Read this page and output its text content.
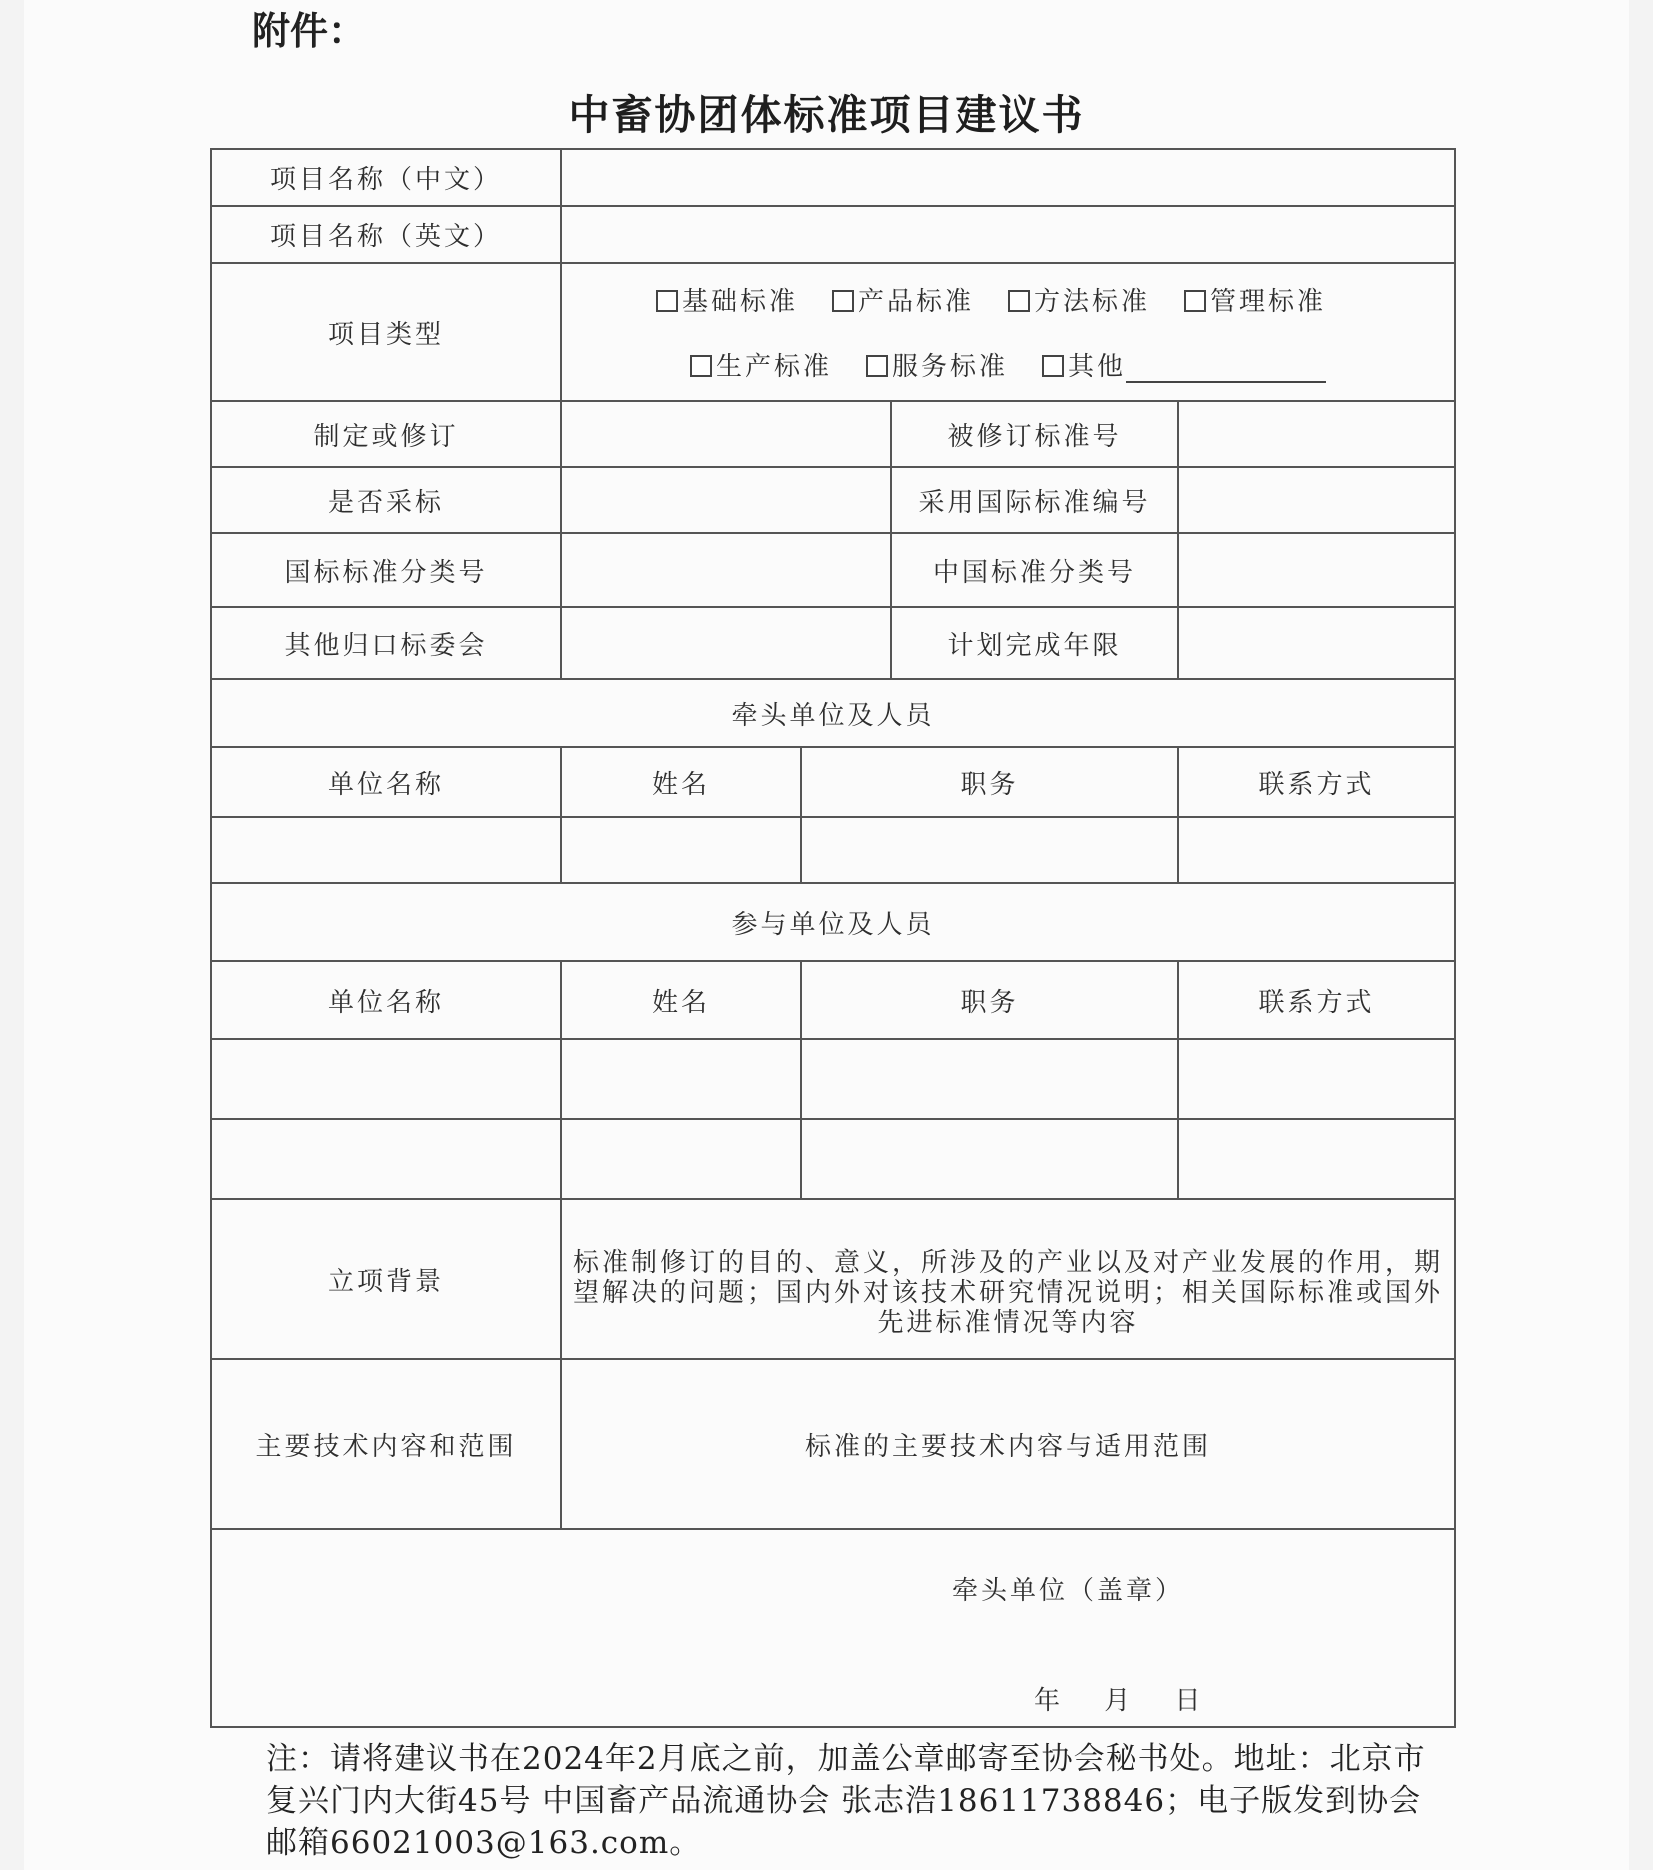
附件：
中畜协团体标准项目建议书
项目名称（中文）				
项目名称（英文）				
项目类型	基础标准 产品标准 方法标准 管理标准
生产标准 服务标准 其他			

制定或修订			被修订标准号	
是否采标			采用国际标准编号	
国标标准分类号			中国标准分类号	
其他归口标委会			计划完成年限	
牵头单位及人员				
单位名称	姓名	职务		联系方式

参与单位及人员				
单位名称	姓名	职务		联系方式

立项背景	标准制修订的目的、意义，所涉及的产业以及对产业发展的作用，期望解决的问题；国内外对该技术研究情况说明；相关国际标准或国外先进标准情况等内容			
主要技术内容和范围	标准的主要技术内容与适用范围			

牵头单位（盖章）
年 月 日				
注：请将建议书在2024年2月底之前，加盖公章邮寄至协会秘书处。地址：北京市复兴门内大街45号 中国畜产品流通协会 张志浩18611738846；电子版发到协会邮箱66021003@163.com。
